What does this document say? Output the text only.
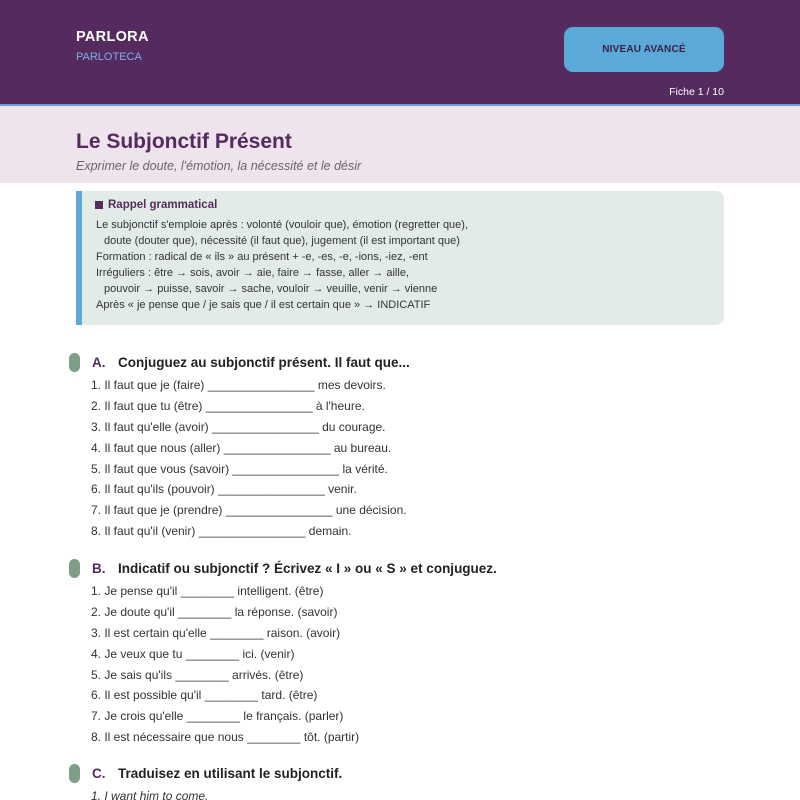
PARLORA
PARLOTECA
NIVEAU AVANCÉ
Fiche 1 / 10
Le Subjonctif Présent
Exprimer le doute, l'émotion, la nécessité et le désir
Rappel grammatical
Le subjonctif s'emploie après : volonté (vouloir que), émotion (regretter que),
doute (douter que), nécessité (il faut que), jugement (il est important que)
Formation : radical de « ils » au présent + -e, -es, -e, -ions, -iez, -ent
Irréguliers : être → sois, avoir → aie, faire → fasse, aller → aille,
pouvoir → puisse, savoir → sache, vouloir → veuille, venir → vienne
Après « je pense que / je sais que / il est certain que » → INDICATIF
A. Conjuguez au subjonctif présent. Il faut que...
1. Il faut que je (faire) ________________ mes devoirs.
2. Il faut que tu (être) ________________ à l'heure.
3. Il faut qu'elle (avoir) ________________ du courage.
4. Il faut que nous (aller) ________________ au bureau.
5. Il faut que vous (savoir) ________________ la vérité.
6. Il faut qu'ils (pouvoir) ________________ venir.
7. Il faut que je (prendre) ________________ une décision.
8. Il faut qu'il (venir) ________________ demain.
B. Indicatif ou subjonctif ? Écrivez « I » ou « S » et conjuguez.
1. Je pense qu'il ________ intelligent. (être)
2. Je doute qu'il ________ la réponse. (savoir)
3. Il est certain qu'elle ________ raison. (avoir)
4. Je veux que tu ________ ici. (venir)
5. Je sais qu'ils ________ arrivés. (être)
6. Il est possible qu'il ________ tard. (être)
7. Je crois qu'elle ________ le français. (parler)
8. Il est nécessaire que nous ________ tôt. (partir)
C. Traduisez en utilisant le subjonctif.
1. I want him to come.
